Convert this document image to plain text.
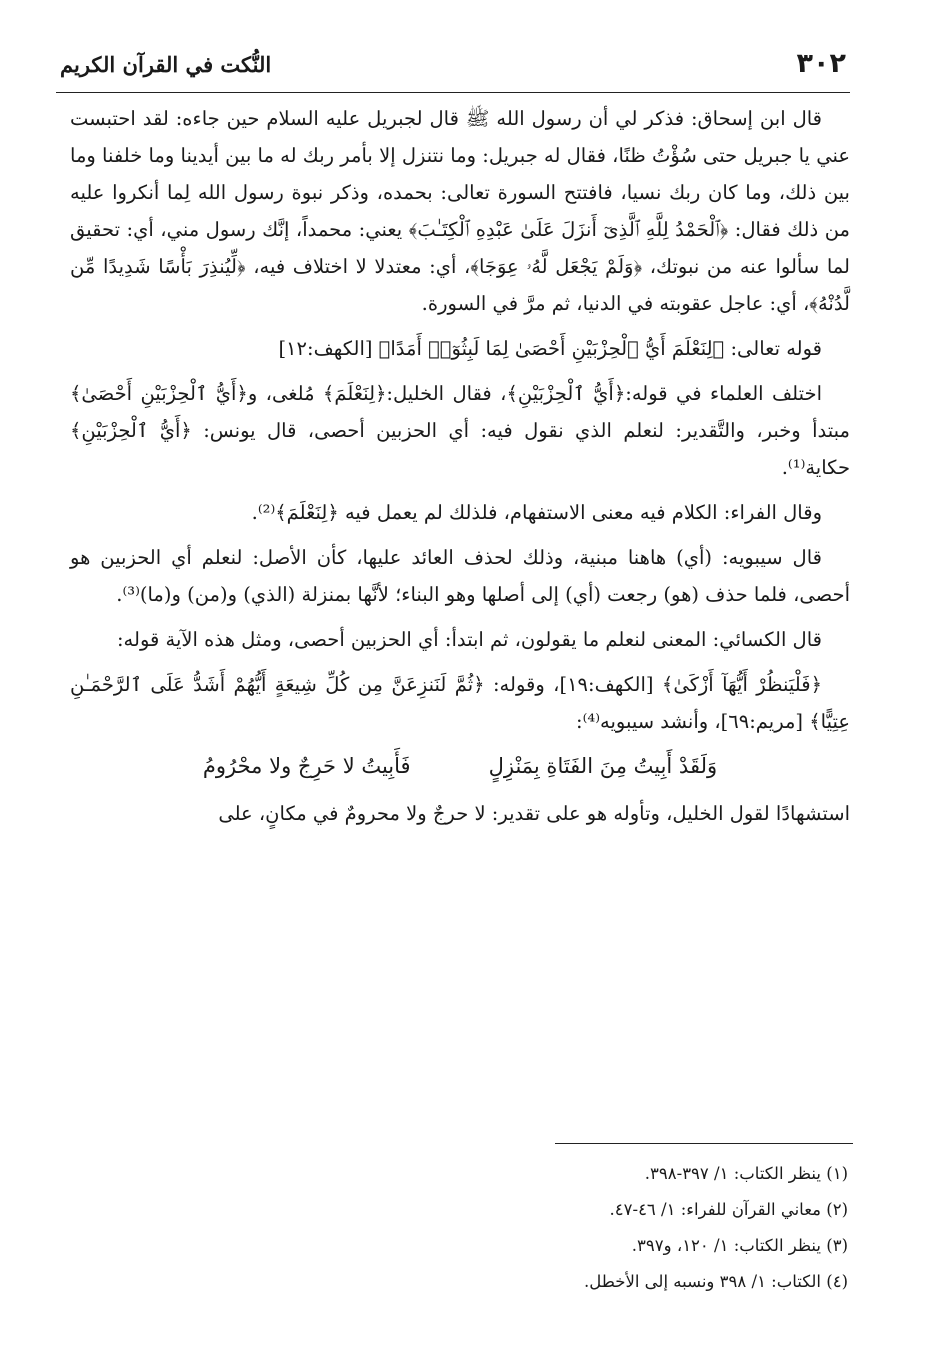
٣٠٢
النُّكت في القرآن الكريم

قال ابن إسحاق: فذكر لي أن رسول الله ﷺ قال لجبريل عليه السلام حين جاءه: لقد احتبست عني يا جبريل حتى سُؤْتُ ظنًا، فقال له جبريل: وما نتنزل إلا بأمر ربك له ما بين أيدينا وما خلفنا وما بين ذلك، وما كان ربك نسيا، فافتتح السورة تعالى: بحمده، وذكر نبوة رسول الله لِما أنكروا عليه من ذلك فقال: ﴿ٱلْحَمْدُ لِلَّهِ ٱلَّذِىٓ أَنزَلَ عَلَىٰ عَبْدِهِ ٱلْكِتَـٰبَ﴾ يعني: محمداً، إنَّك رسول مني، أي: تحقيق لما سألوا عنه من نبوتك، ﴿وَلَمْ يَجْعَل لَّهُۥ عِوَجَا﴾، أي: معتدلا لا اختلاف فيه، ﴿لِّيُنذِرَ بَأْسًا شَدِيدًا مِّن لَّدُنْهُ﴾، أي: عاجل عقوبته في الدنيا، ثم مرَّ في السورة.

قوله تعالى: ﴿لِنَعْلَمَ أَيُّ ٱلْحِزْبَيْنِ أَحْصَىٰ لِمَا لَبِثُوٓا۟ أَمَدًا﴾ [الكهف:١٢]

اختلف العلماء في قوله:﴿أَيُّ ٱلْحِزْبَيْنِ﴾، فقال الخليل:﴿لِنَعْلَمَ﴾ مُلغى، و﴿أَيُّ ٱلْحِزْبَيْنِ أَحْصَىٰ﴾ مبتدأ وخبر، والتَّقدير: لنعلم الذي نقول فيه: أي الحزبين أحصى، قال يونس: ﴿أَيُّ ٱلْحِزْبَيْنِ﴾ حكاية⁽¹⁾.

وقال الفراء: الكلام فيه معنى الاستفهام، فلذلك لم يعمل فيه ﴿لِنَعْلَمَ﴾⁽²⁾.

قال سيبويه: (أي) هاهنا مبنية، وذلك لحذف العائد عليها، كأن الأصل: لنعلم أي الحزبين هو أحصى، فلما حذف (هو) رجعت (أي) إلى أصلها وهو البناء؛ لأنَّها بمنزلة (الذي) و(من) و(ما)⁽³⁾.

قال الكسائي: المعنى لنعلم ما يقولون، ثم ابتدأ: أي الحزبين أحصى، ومثل هذه الآية قوله:

﴿فَلْيَنظُرْ أَيُّهَآ أَزْكَىٰ﴾ [الكهف:١٩]، وقوله: ﴿ثُمَّ لَنَنزِعَنَّ مِن كُلِّ شِيعَةٍ أَيُّهُمْ أَشَدُّ عَلَى ٱلرَّحْمَـٰنِ عِتِيًّا﴾ [مريم:٦٩]، وأنشد سيبويه⁽⁴⁾:

وَلَقَدْ أَبِيتُ مِنَ الفَتَاةِ بِمَنْزِلٍ
فَأَبِيتُ لا حَرِجٌ ولا محْرُومُ

استشهادًا لقول الخليل، وتأوله هو على تقدير: لا حرجٌ ولا محرومٌ في مكانٍ، على

(١) ينظر الكتاب: ١/ ٣٩٧-٣٩٨.
(٢) معاني القرآن للفراء: ١/ ٤٦-٤٧.
(٣) ينظر الكتاب: ١/ ١٢٠، و٣٩٧.
(٤) الكتاب: ١/ ٣٩٨ ونسبه إلى الأخطل.
